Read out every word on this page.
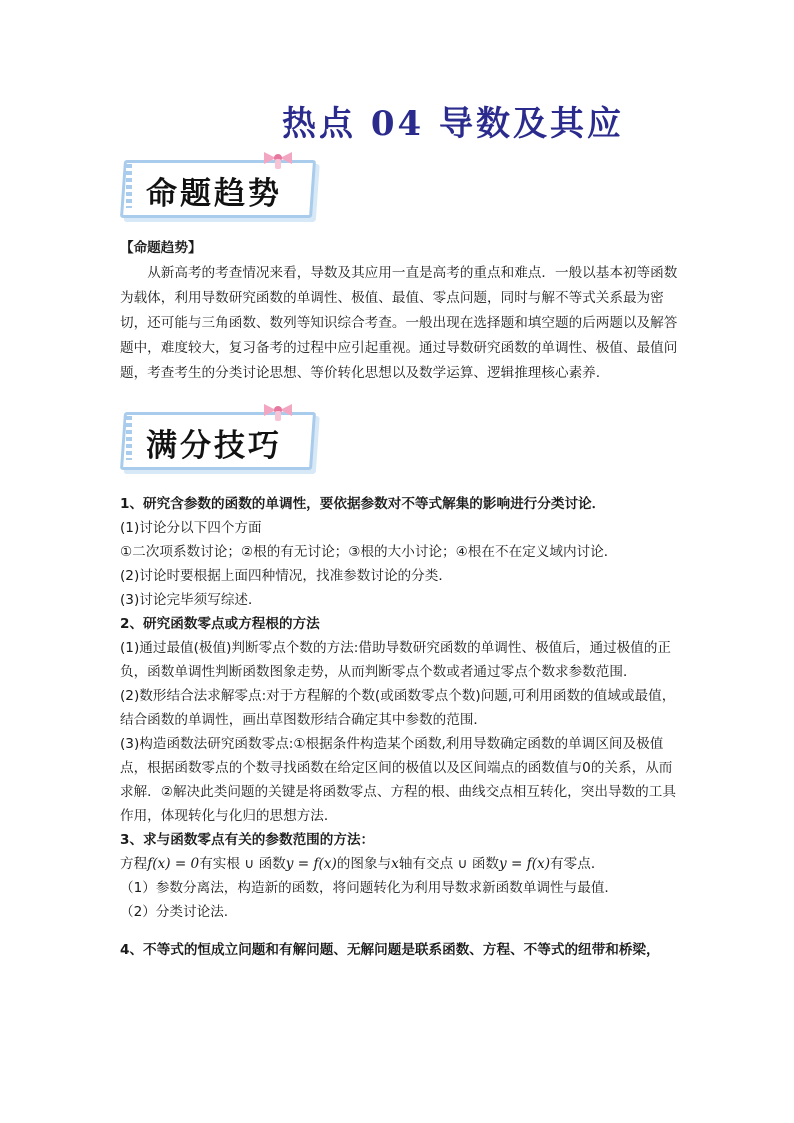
热点 04 导数及其应
命题趋势

【命题趋势】

从新高考的考查情况来看，导数及其应用一直是高考的重点和难点．一般以基本初等函数为载体，利用导数研究函数的单调性、极值、最值、零点问题，同时与解不等式关系最为密切，还可能与三角函数、数列等知识综合考查。一般出现在选择题和填空题的后两题以及解答题中，难度较大，复习备考的过程中应引起重视。通过导数研究函数的单调性、极值、最值问题，考查考生的分类讨论思想、等价转化思想以及数学运算、逻辑推理核心素养.

满分技巧

1、研究含参数的函数的单调性，要依据参数对不等式解集的影响进行分类讨论．

(1)讨论分以下四个方面

①二次项系数讨论；②根的有无讨论；③根的大小讨论；④根在不在定义域内讨论．

(2)讨论时要根据上面四种情况，找准参数讨论的分类．

(3)讨论完毕须写综述．

2、研究函数零点或方程根的方法

(1)通过最值(极值)判断零点个数的方法:借助导数研究函数的单调性、极值后，通过极值的正负，函数单调性判断函数图象走势，从而判断零点个数或者通过零点个数求参数范围．

(2)数形结合法求解零点:对于方程解的个数(或函数零点个数)问题,可利用函数的值域或最值，结合函数的单调性，画出草图数形结合确定其中参数的范围．

(3)构造函数法研究函数零点:①根据条件构造某个函数,利用导数确定函数的单调区间及极值点，根据函数零点的个数寻找函数在给定区间的极值以及区间端点的函数值与0的关系，从而求解．②解决此类问题的关键是将函数零点、方程的根、曲线交点相互转化，突出导数的工具作用，体现转化与化归的思想方法．

3、求与函数零点有关的参数范围的方法：

方程f(x) = 0有实根 ∪ 函数y = f(x)的图象与x轴有交点 ∪ 函数y = f(x)有零点．

（1）参数分离法，构造新的函数，将问题转化为利用导数求新函数单调性与最值.

（2）分类讨论法.

4、不等式的恒成立问题和有解问题、无解问题是联系函数、方程、不等式的纽带和桥梁，
